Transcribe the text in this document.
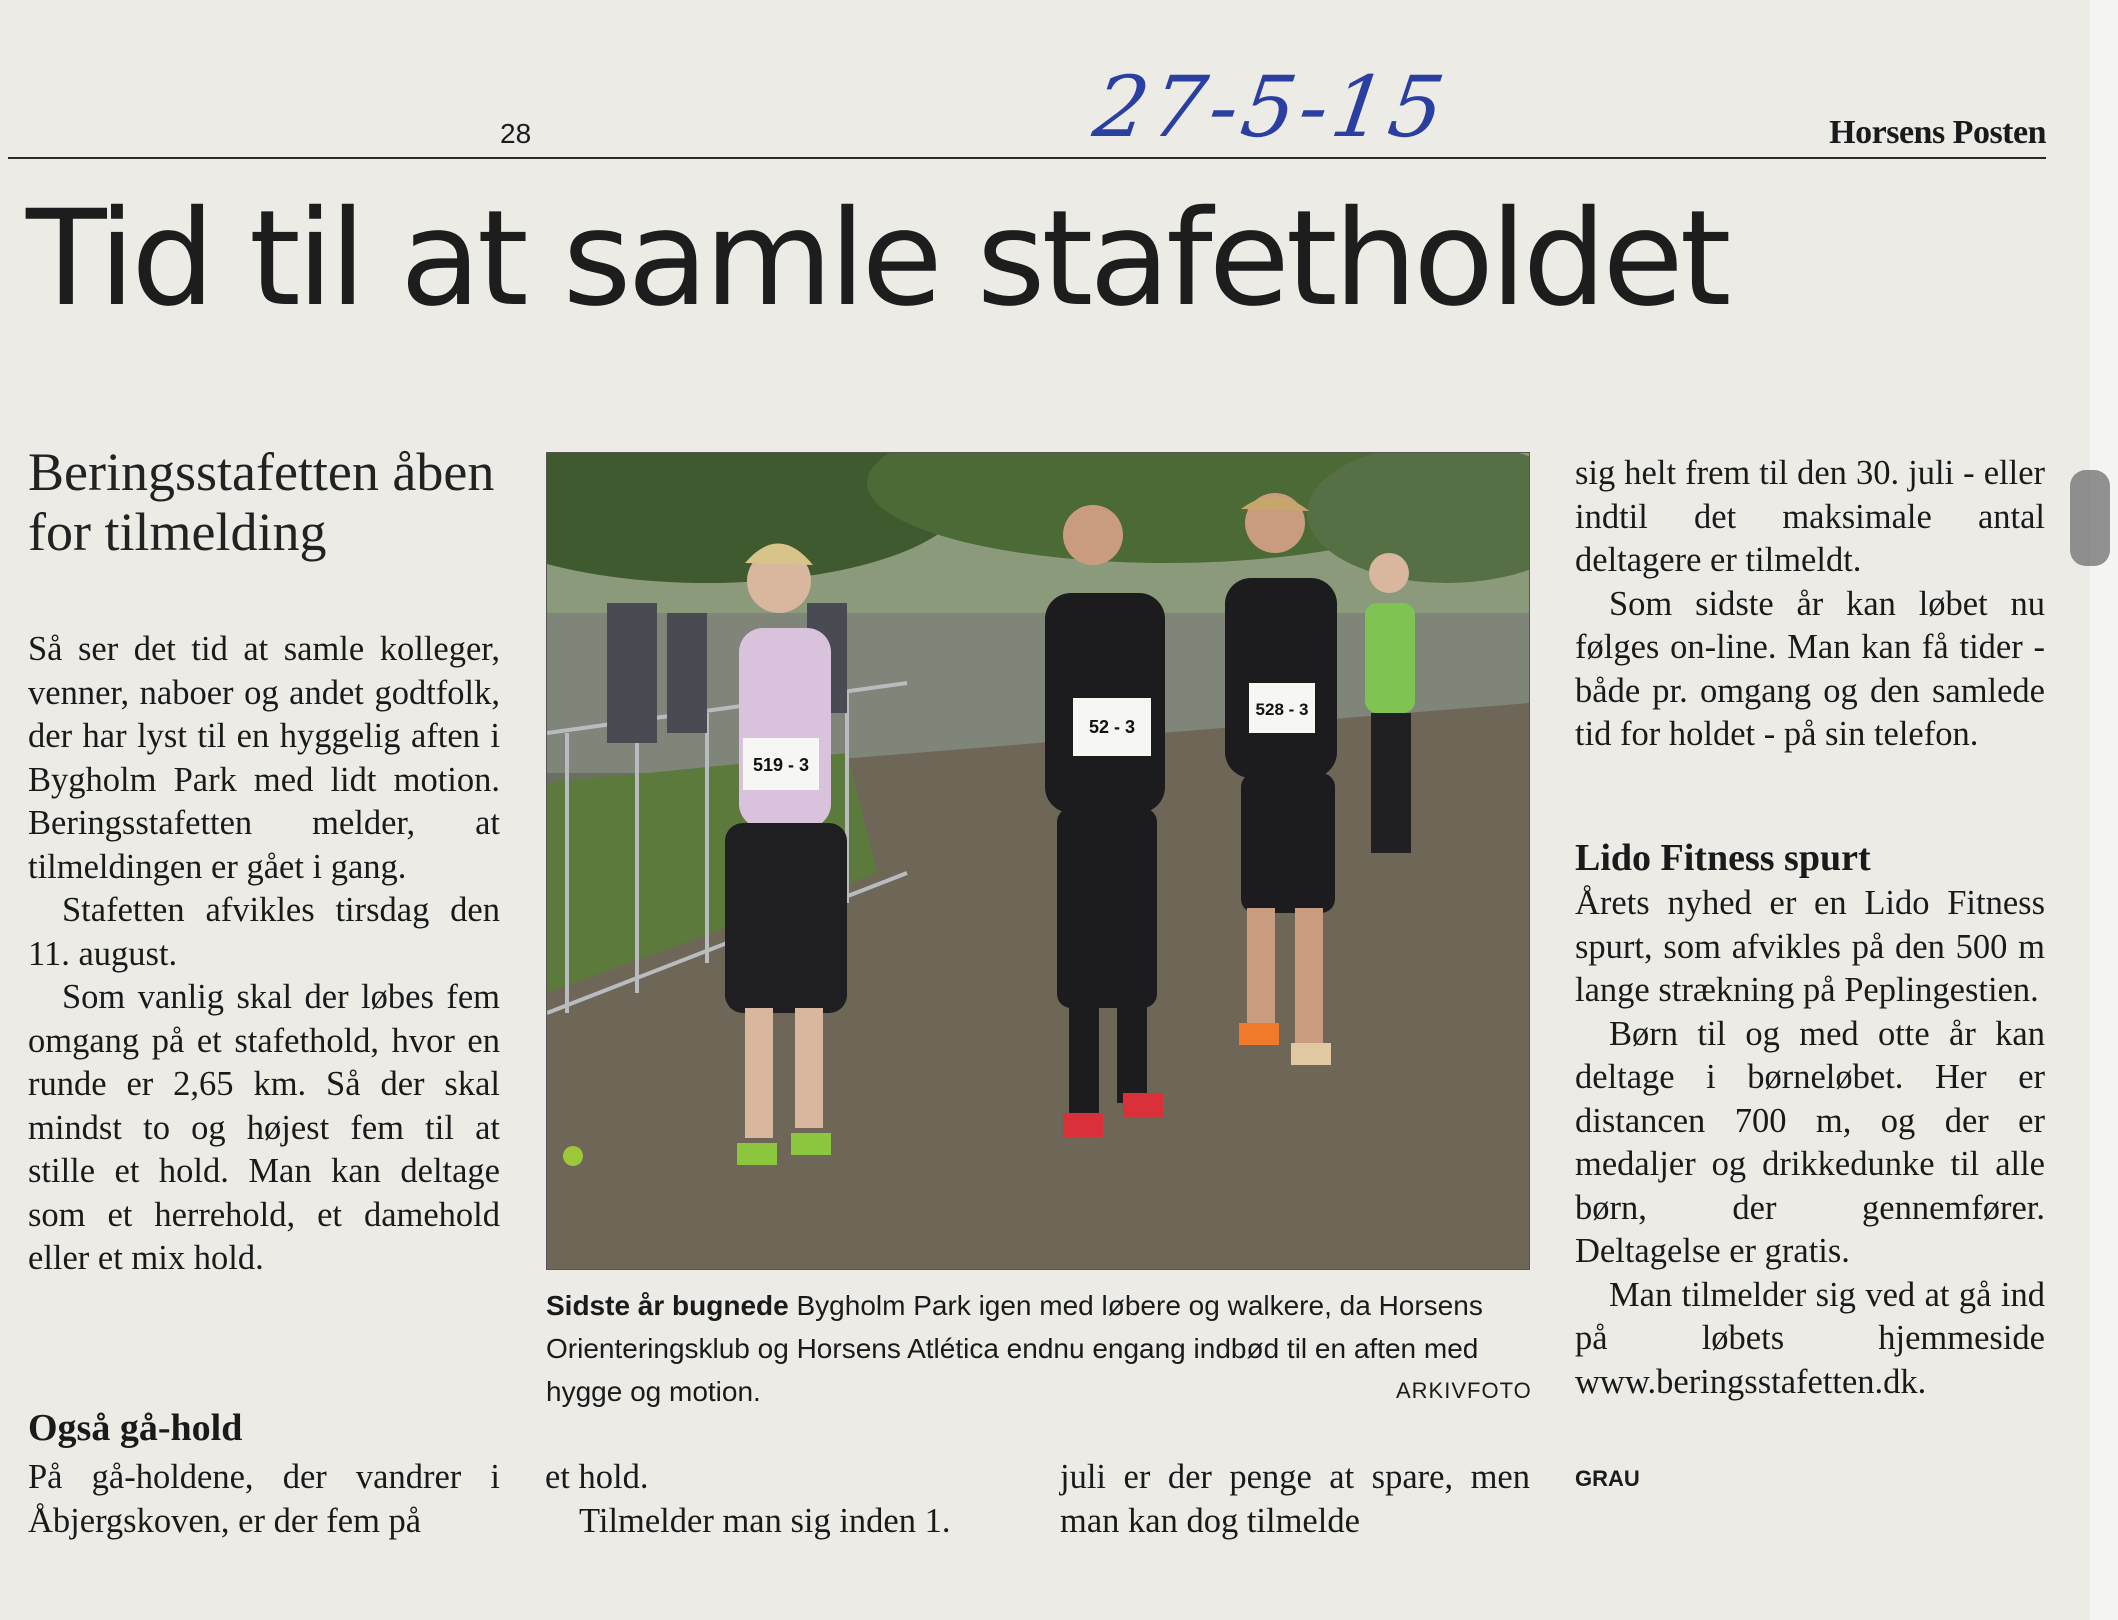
28	27-5-15	Horsens Posten
Tid til at samle stafetholdet
Beringsstafetten åben for tilmelding

Så ser det tid at samle kolleger, venner, naboer og andet godtfolk, der har lyst til en hyggelig aften i Bygholm Park med lidt motion. Beringsstafetten melder, at tilmeldingen er gået i gang.

Stafetten afvikles tirsdag den 11. august.

Som vanlig skal der løbes fem omgang på et stafethold, hvor en runde er 2,65 km. Så der skal mindst to og højest fem til at stille et hold. Man kan deltage som et herrehold, et damehold eller et mix hold.

Også gå-hold
På gå-holdene, der vandrer i Åbjergskoven, er der fem på

et hold.

Tilmelder man sig inden 1.

juli er der penge at spare, men man kan dog tilmelde
519 - 3
52 - 3
528 - 3
Sidste år bugnede Bygholm Park igen med løbere og walkere, da Horsens Orienteringsklub og Horsens Atlética endnu engang indbød til en aften med hygge og motion.	ARKIVFOTO

sig helt frem til den 30. juli - eller indtil det maksimale antal deltagere er tilmeldt.

Som sidste år kan løbet nu følges on-line. Man kan få tider - både pr. omgang og den samlede tid for holdet - på sin telefon.

Lido Fitness spurt

Årets nyhed er en Lido Fitness spurt, som afvikles på den 500 m lange strækning på Peplingestien.

Børn til og med otte år kan deltage i børneløbet. Her er distancen 700 m, og der er medaljer og drikkedunke til alle børn, der gennemfører. Deltagelse er gratis.

Man tilmelder sig ved at gå ind på løbets hjemmeside www.beringsstafetten.dk.

GRAU
